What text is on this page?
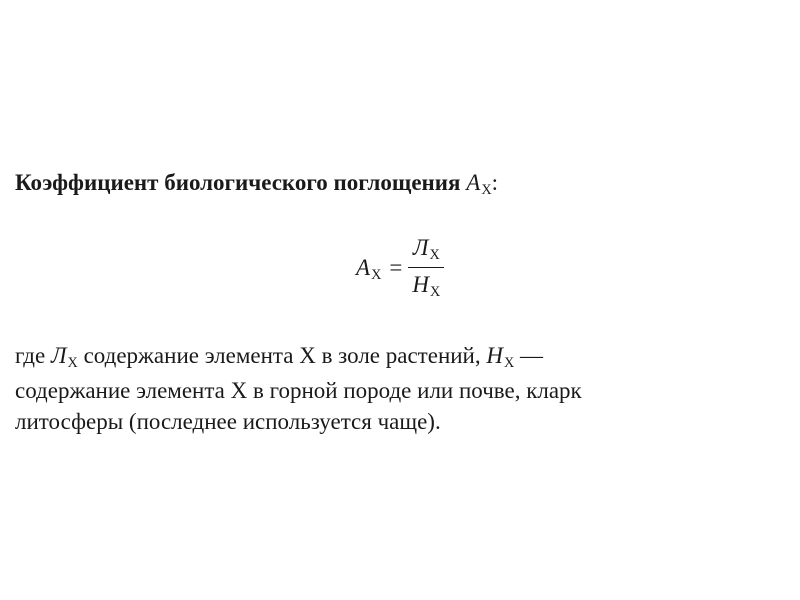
Коэффициент биологического поглощения AX:
AX = $\frac{ЛX}{HX}$
где ЛX содержание элемента X в золе растений, HX —
содержание элемента X в горной породе или почве, кларк
литосферы (последнее используется чаще).
